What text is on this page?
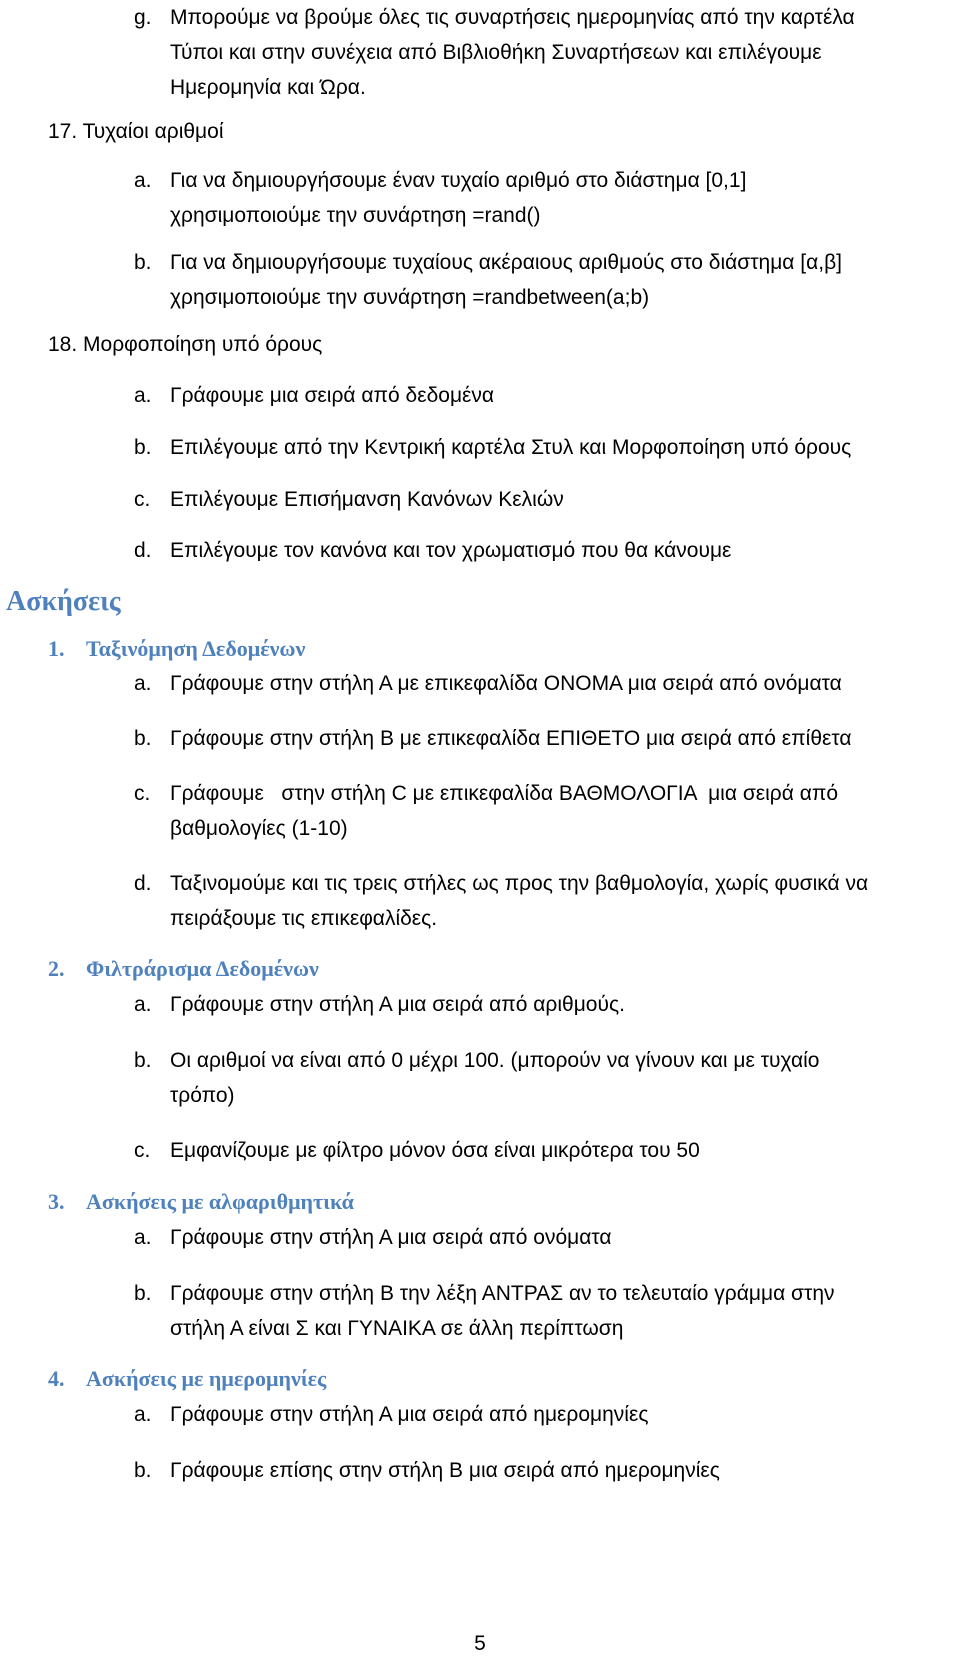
g. Μπορούμε να βρούμε όλες τις συναρτήσεις ημερομηνίας από την καρτέλα
Τύποι και στην συνέχεια από Βιβλιοθήκη Συναρτήσεων και επιλέγουμε
Ημερομηνία και Ώρα.
17. Τυχαίοι αριθμοί
a. Για να δημιουργήσουμε έναν τυχαίο αριθμό στο διάστημα [0,1]
χρησιμοποιούμε την συνάρτηση =rand()
b. Για να δημιουργήσουμε τυχαίους ακέραιους αριθμούς στο διάστημα [α,β]
χρησιμοποιούμε την συνάρτηση =randbetween(a;b)
18. Μορφοποίηση υπό όρους
a. Γράφουμε μια σειρά από δεδομένα
b. Επιλέγουμε από την Κεντρική καρτέλα Στυλ και Μορφοποίηση υπό όρους
c. Επιλέγουμε Επισήμανση Κανόνων Κελιών
d. Επιλέγουμε τον κανόνα και τον χρωματισμό που θα κάνουμε
Ασκήσεις
1. Ταξινόμηση Δεδομένων
a. Γράφουμε στην στήλη Α με επικεφαλίδα ΟΝΟΜΑ μια σειρά από ονόματα
b. Γράφουμε στην στήλη Β με επικεφαλίδα ΕΠΙΘΕΤΟ μια σειρά από επίθετα
c. Γράφουμε   στην στήλη C με επικεφαλίδα ΒΑΘΜΟΛΟΓΙΑ  μια σειρά από
βαθμολογίες (1-10)
d. Ταξινομούμε και τις τρεις στήλες ως προς την βαθμολογία, χωρίς φυσικά να
πειράξουμε τις επικεφαλίδες.
2. Φιλτράρισμα Δεδομένων
a. Γράφουμε στην στήλη Α μια σειρά από αριθμούς.
b. Οι αριθμοί να είναι από 0 μέχρι 100. (μπορούν να γίνουν και με τυχαίο
τρόπο)
c. Εμφανίζουμε με φίλτρο μόνον όσα είναι μικρότερα του 50
3. Ασκήσεις με αλφαριθμητικά
a. Γράφουμε στην στήλη Α μια σειρά από ονόματα
b. Γράφουμε στην στήλη Β την λέξη ΑΝΤΡΑΣ αν το τελευταίο γράμμα στην
στήλη Α είναι Σ και ΓΥΝΑΙΚΑ σε άλλη περίπτωση
4. Ασκήσεις με ημερομηνίες
a. Γράφουμε στην στήλη Α μια σειρά από ημερομηνίες
b. Γράφουμε επίσης στην στήλη Β μια σειρά από ημερομηνίες
5
